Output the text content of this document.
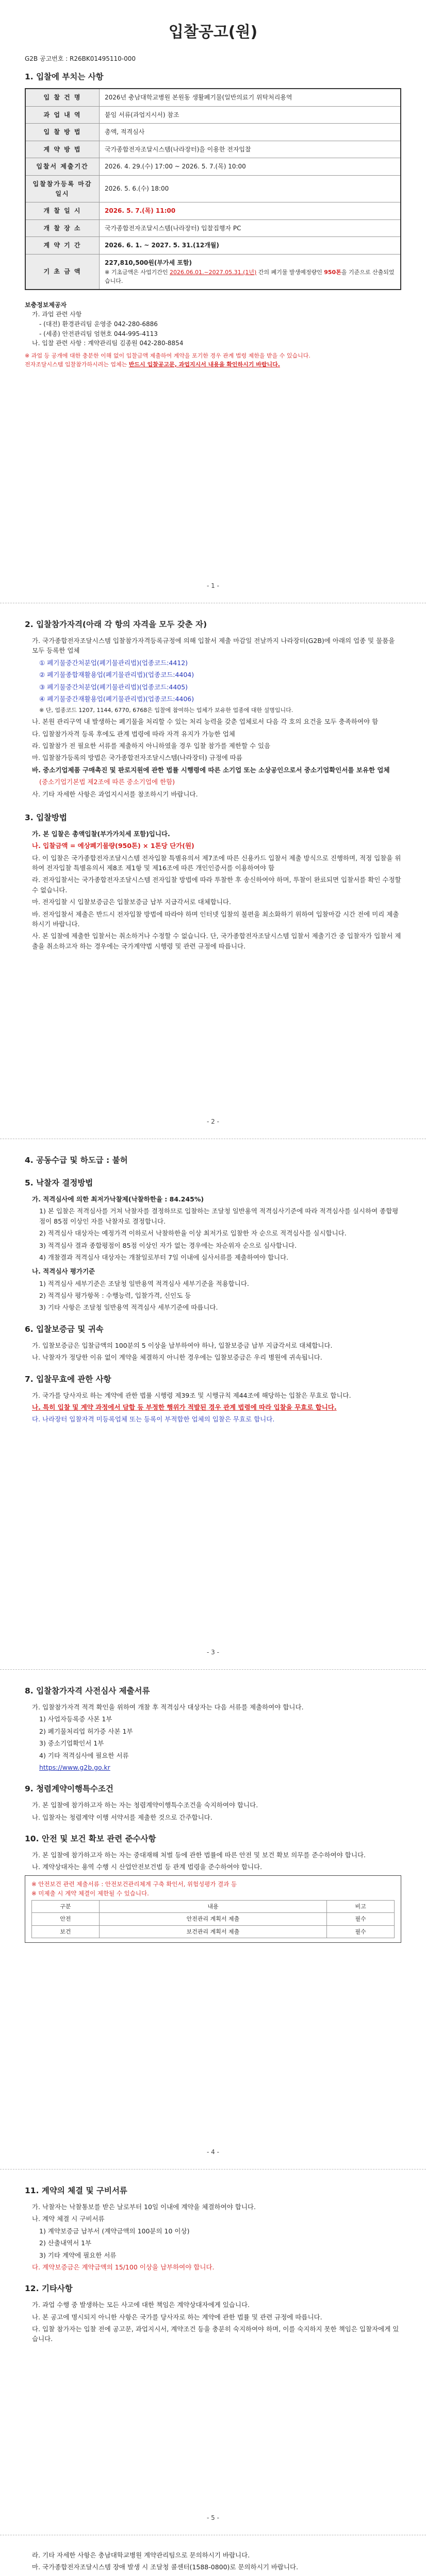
입찰공고(원)
G2B 공고번호 : R26BK01495110-000
1. 입찰에 부치는 사항
입 찰 건 명	2026년 충남대학교병원 본원동 생활폐기물(일반의료기 위탁처리용역
과 업 내 역	붙임 서류(과업지시서) 참조
입 찰 방 법	총액, 적격심사
계 약 방 법	국가종합전자조달시스템(나라장터)을 이용한 전자입찰
입찰서 제출기간	2026. 4. 29.(수) 17:00 ~ 2026. 5. 7.(목) 10:00
입찰참가등록 마감일시	2026. 5. 6.(수) 18:00
개 찰 일 시	2026. 5. 7.(목) 11:00
개 찰 장 소	국가종합전자조달시스템(나라장터) 입찰집행자 PC
계 약 기 간	2026. 6. 1. ~ 2027. 5. 31.(12개월)
기 초 금 액	227,810,500원(부가세 포함)
※ 기초금액은 사업기간인 2026.06.01.~2027.05.31.(1년) 간의 폐기물 발생예정량인 950톤을 기준으로 산출되었습니다.
보충정보제공자
가. 과업 관련 사항
- (대전) 환경관리팀 운영중 042-280-6886
- (세종) 안전관리팀 엄현호 044-995-4113
나. 입찰 관련 사항 : 계약관리팀 김종원 042-280-8854
※ 과업 등 공개에 대한 충분한 이해 없이 입찰금액 제출하여 계약을 포기한 경우 관계 법령 제한을 받을 수 있습니다.
전자조달시스템 입찰참가하시려는 업체는 반드시 입찰공고문, 과업지시서 내용을 확인하시기 바랍니다.
- 1 -
2. 입찰참가자격(아래 각 항의 자격을 모두 갖춘 자)
가. 국가종합전자조달시스템 입찰참가자격등록규정에 의해 입찰서 제출 마감일 전날까지 나라장터(G2B)에 아래의 업종 및 물품을 모두 등록한 업체
① 폐기물중간처분업(폐기물관리법)(업종코드:4412)
② 폐기물종합재활용업(폐기물관리법)(업종코드:4404)
③ 폐기물중간처분업(폐기물관리법)(업종코드:4405)
④ 폐기물중간재활용업(폐기물관리법)(업종코드:4406)
※ 단, 업종코드 1207, 1144, 6770, 6768은 입찰에 참여하는 업체가 보유한 업종에 대한 설명입니다.
나. 본원 관리구역 내 발생하는 폐기물을 처리할 수 있는 처리 능력을 갖춘 업체로서 다음 각 호의 요건을 모두 충족하여야 함
다. 입찰참가자격 등록 후에도 관계 법령에 따라 자격 유지가 가능한 업체
라. 입찰참가 전 필요한 서류를 제출하지 아니하였을 경우 입찰 참가를 제한할 수 있음
마. 입찰참가등록의 방법은 국가종합전자조달시스템(나라장터) 규정에 따름
바. 중소기업제품 구매촉진 및 판로지원에 관한 법률 시행령에 따른 소기업 또는 소상공인으로서 중소기업확인서를 보유한 업체
(중소기업기본법 제2조에 따른 중소기업에 한함)
사. 기타 자세한 사항은 과업지시서를 참조하시기 바랍니다.
3. 입찰방법
가. 본 입찰은 총액입찰(부가가치세 포함)입니다.
나. 입찰금액 = 예상폐기물량(950톤) × 1톤당 단가(원)
다. 이 입찰은 국가종합전자조달시스템 전자입찰 특별유의서 제7조에 따른 신용카드 입찰서 제출 방식으로 진행하며, 적정 입찰을 위하여 전자입찰 특별유의서 제8조 제1항 및 제16조에 따른 개인인증서를 이용하여야 함
라. 전자입찰서는 국가종합전자조달시스템 전자입찰 방법에 따라 투찰한 후 송신하여야 하며, 투찰이 완료되면 입찰서를 확인 수정할 수 없습니다.
마. 전자입찰 시 입찰보증금은 입찰보증금 납부 지급각서로 대체합니다.
바. 전자입찰서 제출은 반드시 전자입찰 방법에 따라야 하며 인터넷 입찰의 불편을 최소화하기 위하여 입찰마감 시간 전에 미리 제출하시기 바랍니다.
사. 본 입찰에 제출한 입찰서는 취소하거나 수정할 수 없습니다. 단, 국가종합전자조달시스템 입찰서 제출기간 중 입찰자가 입찰서 제출을 취소하고자 하는 경우에는 국가계약법 시행령 및 관련 규정에 따릅니다.
- 2 -
4. 공동수급 및 하도급 : 불허
5. 낙찰자 결정방법
가. 적격심사에 의한 최저가낙찰제(낙찰하한율 : 84.245%)
1) 본 입찰은 적격심사를 거쳐 낙찰자를 결정하므로 입찰하는 조달청 일반용역 적격심사기준에 따라 적격심사를 실시하여 종합평점이 85점 이상인 자를 낙찰자로 결정합니다.
2) 적격심사 대상자는 예정가격 이하로서 낙찰하한율 이상 최저가로 입찰한 자 순으로 적격심사를 실시합니다.
3) 적격심사 결과 종합평점이 85점 이상인 자가 없는 경우에는 차순위자 순으로 심사합니다.
4) 개찰결과 적격심사 대상자는 개찰일로부터 7일 이내에 심사서류를 제출하여야 합니다.
나. 적격심사 평가기준
1) 적격심사 세부기준은 조달청 일반용역 적격심사 세부기준을 적용합니다.
2) 적격심사 평가항목 : 수행능력, 입찰가격, 신인도 등
3) 기타 사항은 조달청 일반용역 적격심사 세부기준에 따릅니다.
6. 입찰보증금 및 귀속
가. 입찰보증금은 입찰금액의 100분의 5 이상을 납부하여야 하나, 입찰보증금 납부 지급각서로 대체합니다.
나. 낙찰자가 정당한 이유 없이 계약을 체결하지 아니한 경우에는 입찰보증금은 우리 병원에 귀속됩니다.
7. 입찰무효에 관한 사항
가. 국가를 당사자로 하는 계약에 관한 법률 시행령 제39조 및 시행규칙 제44조에 해당하는 입찰은 무효로 합니다.
나. 특히 입찰 및 계약 과정에서 담합 등 부정한 행위가 적발된 경우 관계 법령에 따라 입찰을 무효로 합니다.
다. 나라장터 입찰자격 미등록업체 또는 등록이 부적합한 업체의 입찰은 무효로 합니다.
- 3 -
8. 입찰참가자격 사전심사 제출서류
가. 입찰참가자격 적격 확인을 위하여 개찰 후 적격심사 대상자는 다음 서류를 제출하여야 합니다.
1) 사업자등록증 사본 1부
2) 폐기물처리업 허가증 사본 1부
3) 중소기업확인서 1부
4) 기타 적격심사에 필요한 서류
https://www.g2b.go.kr
9. 청렴계약이행특수조건
가. 본 입찰에 참가하고자 하는 자는 청렴계약이행특수조건을 숙지하여야 합니다.
나. 입찰자는 청렴계약 이행 서약서를 제출한 것으로 간주합니다.
10. 안전 및 보건 확보 관련 준수사항
가. 본 입찰에 참가하고자 하는 자는 중대재해 처벌 등에 관한 법률에 따른 안전 및 보건 확보 의무를 준수하여야 합니다.
나. 계약상대자는 용역 수행 시 산업안전보건법 등 관계 법령을 준수하여야 합니다.
※ 안전보건 관련 제출서류 : 안전보건관리체계 구축 확인서, 위험성평가 결과 등
※ 미제출 시 계약 체결이 제한될 수 있습니다.
구분	내용	비고
안전	안전관리 계획서 제출	필수
보건	보건관리 계획서 제출	필수
- 4 -
11. 계약의 체결 및 구비서류
가. 낙찰자는 낙찰통보를 받은 날로부터 10일 이내에 계약을 체결하여야 합니다.
나. 계약 체결 시 구비서류
1) 계약보증금 납부서 (계약금액의 100분의 10 이상)
2) 산출내역서 1부
3) 기타 계약에 필요한 서류
다. 계약보증금은 계약금액의 15/100 이상을 납부하여야 합니다.
12. 기타사항
가. 과업 수행 중 발생하는 모든 사고에 대한 책임은 계약상대자에게 있습니다.
나. 본 공고에 명시되지 아니한 사항은 국가를 당사자로 하는 계약에 관한 법률 및 관련 규정에 따릅니다.
다. 입찰 참가자는 입찰 전에 공고문, 과업지시서, 계약조건 등을 충분히 숙지하여야 하며, 이를 숙지하지 못한 책임은 입찰자에게 있습니다.
- 5 -
라. 기타 자세한 사항은 충남대학교병원 계약관리팀으로 문의하시기 바랍니다.
마. 국가종합전자조달시스템 장애 발생 시 조달청 콜센터(1588-0800)로 문의하시기 바랍니다.
